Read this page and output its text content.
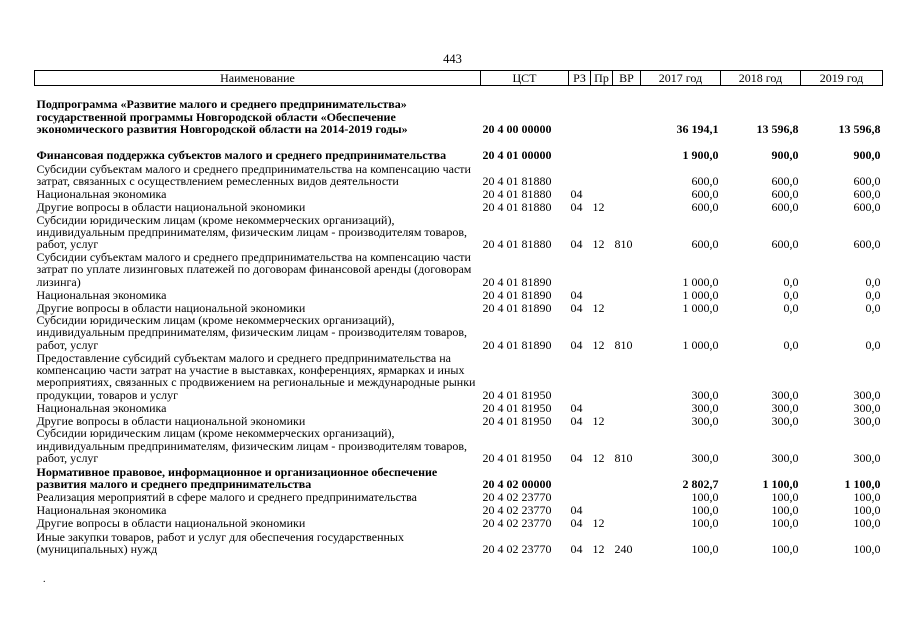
443
Наименование	ЦСТ	РЗ	Пр	ВР	2017 год	2018 год	2019 год
Подпрограмма «Развитие малого и среднего предпринимательства» государственной программы Новгородской области «Обеспечение экономического развития Новгородской области на 2014-2019 годы»	20 4 00 00000				36 194,1	13 596,8	13 596,8
Финансовая поддержка субъектов малого и среднего предпринимательства	20 4 01 00000				1 900,0	900,0	900,0
Субсидии субъектам малого и среднего предпринимательства на компенсацию части затрат, связанных с осуществлением ремесленных видов деятельности	20 4 01 81880				600,0	600,0	600,0
Национальная экономика	20 4 01 81880	04			600,0	600,0	600,0
Другие вопросы в области национальной экономики	20 4 01 81880	04	12		600,0	600,0	600,0
Субсидии юридическим лицам (кроме некоммерческих организаций), индивидуальным предпринимателям, физическим лицам - производителям товаров, работ, услуг	20 4 01 81880	04	12	810	600,0	600,0	600,0
Субсидии субъектам малого и среднего предпринимательства на компенсацию части затрат по уплате лизинговых платежей по договорам финансовой аренды (договорам лизинга)	20 4 01 81890				1 000,0	0,0	0,0
Национальная экономика	20 4 01 81890	04			1 000,0	0,0	0,0
Другие вопросы в области национальной экономики	20 4 01 81890	04	12		1 000,0	0,0	0,0
Субсидии юридическим лицам (кроме некоммерческих организаций), индивидуальным предпринимателям, физическим лицам - производителям товаров, работ, услуг	20 4 01 81890	04	12	810	1 000,0	0,0	0,0
Предоставление субсидий субъектам малого и среднего предпринимательства на компенсацию части затрат на участие в выставках, конференциях, ярмарках и иных мероприятиях, связанных с продвижением на региональные и международные рынки продукции, товаров и услуг	20 4 01 81950				300,0	300,0	300,0
Национальная экономика	20 4 01 81950	04			300,0	300,0	300,0
Другие вопросы в области национальной экономики	20 4 01 81950	04	12		300,0	300,0	300,0
Субсидии юридическим лицам (кроме некоммерческих организаций), индивидуальным предпринимателям, физическим лицам - производителям товаров, работ, услуг	20 4 01 81950	04	12	810	300,0	300,0	300,0
Нормативное правовое, информационное и организационное обеспечение развития малого и среднего предпринимательства	20 4 02 00000				2 802,7	1 100,0	1 100,0
Реализация мероприятий в сфере малого и среднего предпринимательства	20 4 02 23770				100,0	100,0	100,0
Национальная экономика	20 4 02 23770	04			100,0	100,0	100,0
Другие вопросы в области национальной экономики	20 4 02 23770	04	12		100,0	100,0	100,0
Иные закупки товаров, работ и услуг для обеспечения государственных (муниципальных) нужд	20 4 02 23770	04	12	240	100,0	100,0	100,0
.
